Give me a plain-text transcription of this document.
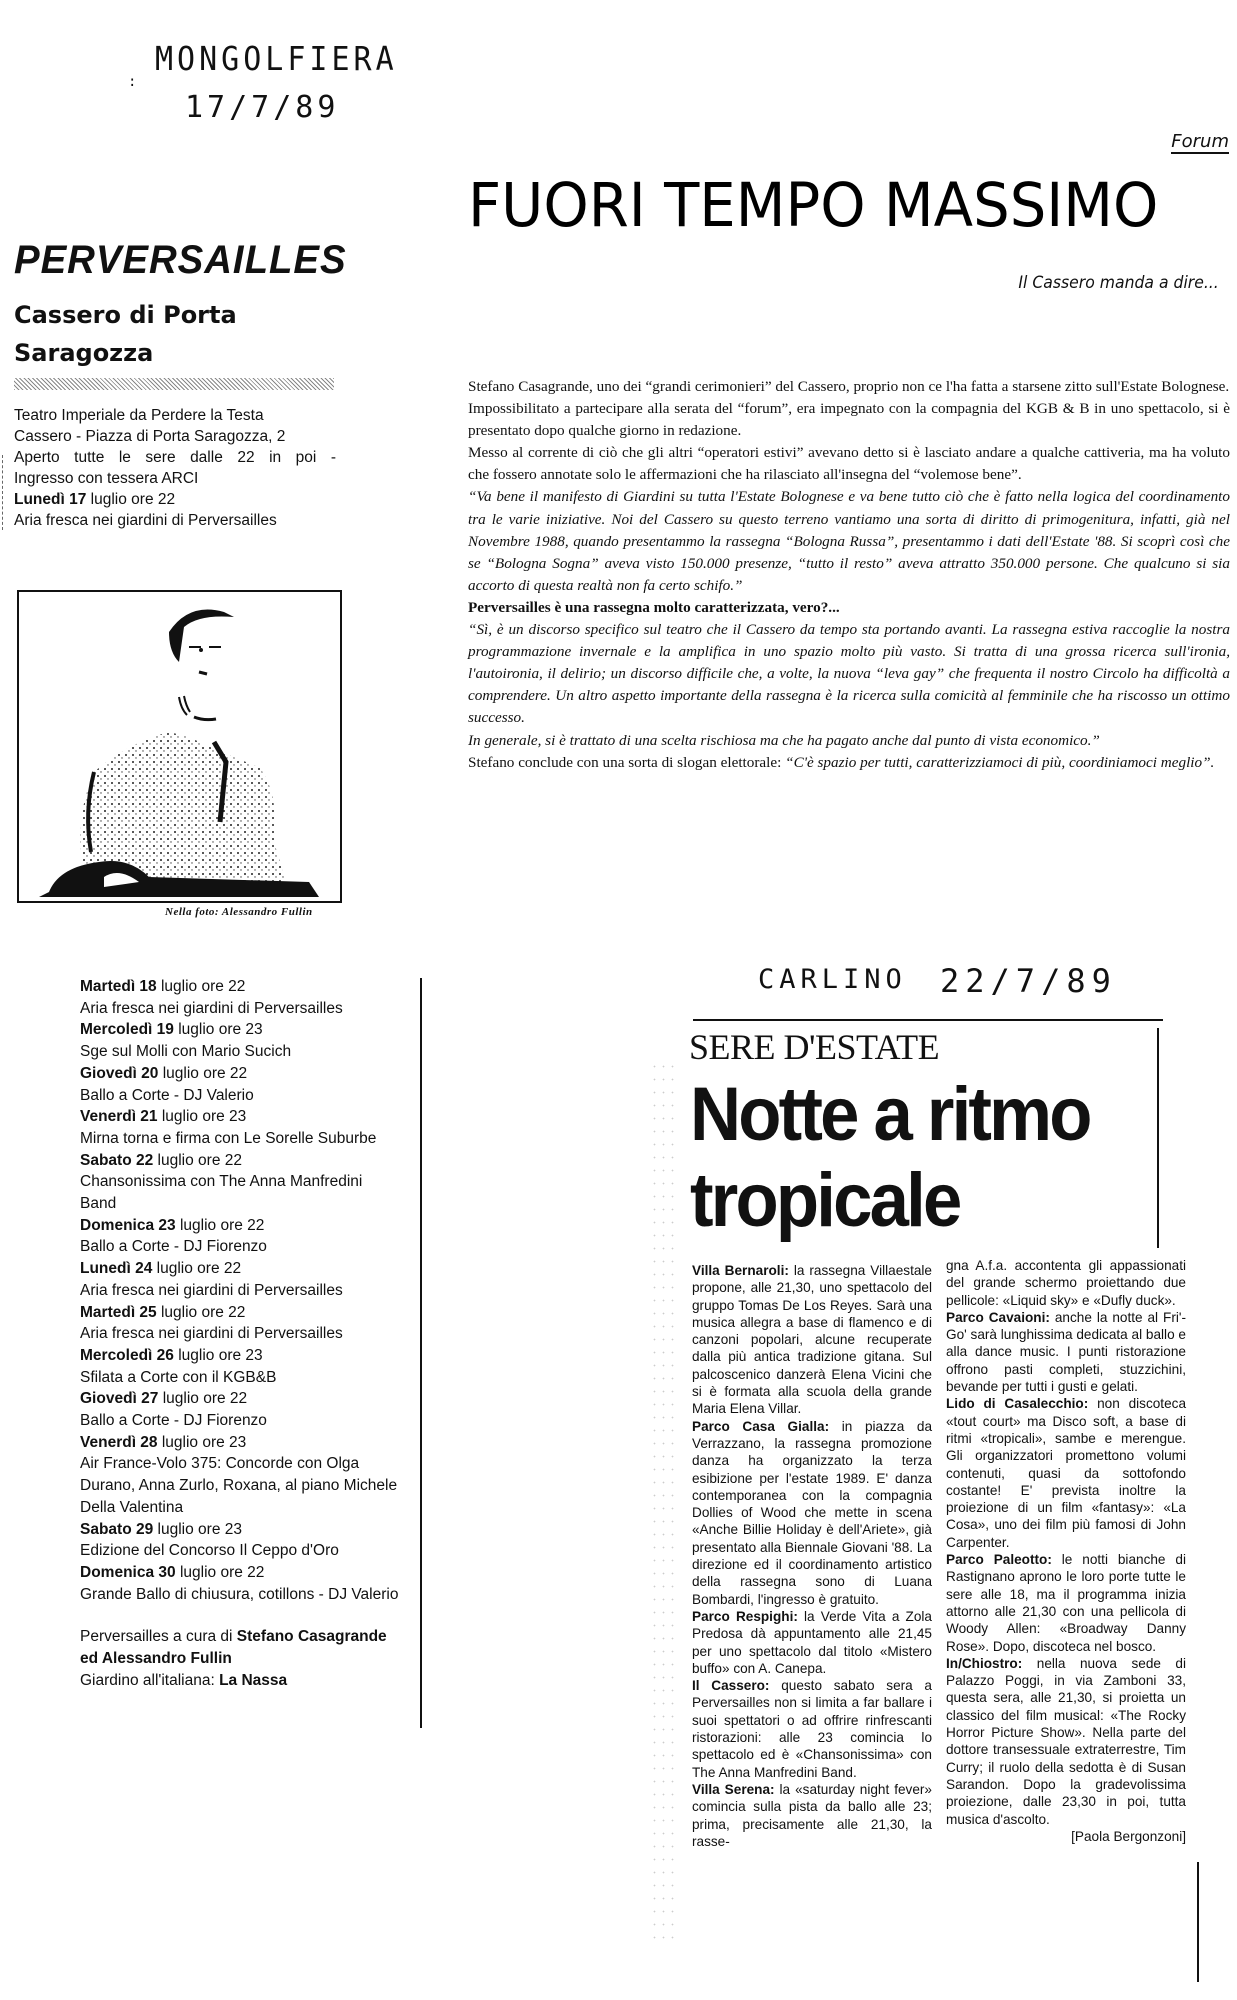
:
MONGOLFIERA
17/7/89
PERVERSAILLES
Cassero di Porta
Saragozza
Teatro Imperiale da Perdere la Testa
Cassero - Piazza di Porta Saragozza, 2
Aperto tutte le sere dalle 22 in poi -
Ingresso con tessera ARCI
Lunedì 17 luglio ore 22
Aria fresca nei giardini di Perversailles
Nella foto: Alessandro Fullin
Forum
FUORI TEMPO MASSIMO
Il Cassero manda a dire...

Stefano Casagrande, uno dei “grandi cerimonieri” del Cassero, proprio non ce l'ha fatta a starsene zitto sull'Estate Bolognese.

Impossibilitato a partecipare alla serata del “forum”, era impegnato con la compagnia del KGB & B in uno spettacolo, si è presentato dopo qualche giorno in redazione.

Messo al corrente di ciò che gli altri “operatori estivi” avevano detto si è lasciato andare a qualche cattiveria, ma ha voluto che fossero annotate solo le affermazioni che ha rilasciato all'insegna del “volemose bene”.

“Va bene il manifesto di Giardini su tutta l'Estate Bolognese e va bene tutto ciò che è fatto nella logica del coordinamento tra le varie iniziative. Noi del Cassero su questo terreno vantiamo una sorta di diritto di primogenitura, infatti, già nel Novembre 1988, quando presentammo la rassegna “Bologna Russa”, presentammo i dati dell'Estate '88. Si scoprì così che se “Bologna Sogna” aveva visto 150.000 presenze, “tutto il resto” aveva attratto 350.000 persone. Che qualcuno si sia accorto di questa realtà non fa certo schifo.”

Perversailles è una rassegna molto caratterizzata, vero?...

“Sì, è un discorso specifico sul teatro che il Cassero da tempo sta portando avanti. La rassegna estiva raccoglie la nostra programmazione invernale e la amplifica in uno spazio molto più vasto. Si tratta di una grossa ricerca sull'ironia, l'autoironia, il delirio; un discorso difficile che, a volte, la nuova “leva gay” che frequenta il nostro Circolo ha difficoltà a comprendere. Un altro aspetto importante della rassegna è la ricerca sulla comicità al femminile che ha riscosso un ottimo successo.

In generale, si è trattato di una scelta rischiosa ma che ha pagato anche dal punto di vista economico.”

Stefano conclude con una sorta di slogan elettorale: “C'è spazio per tutti, caratterizziamoci di più, coordiniamoci meglio”.

Martedì 18 luglio ore 22
Aria fresca nei giardini di Perversailles
Mercoledì 19 luglio ore 23
Sge sul Molli con Mario Sucich
Giovedì 20 luglio ore 22
Ballo a Corte - DJ Valerio
Venerdì 21 luglio ore 23
Mirna torna e firma con Le Sorelle Suburbe
Sabato 22 luglio ore 22
Chansonissima con The Anna Manfredini Band
Domenica 23 luglio ore 22
Ballo a Corte - DJ Fiorenzo
Lunedì 24 luglio ore 22
Aria fresca nei giardini di Perversailles
Martedì 25 luglio ore 22
Aria fresca nei giardini di Perversailles
Mercoledì 26 luglio ore 23
Sfilata a Corte con il KGB&B
Giovedì 27 luglio ore 22
Ballo a Corte - DJ Fiorenzo
Venerdì 28 luglio ore 23
Air France-Volo 375: Concorde con Olga Durano, Anna Zurlo, Roxana, al piano Michele Della Valentina
Sabato 29 luglio ore 23
Edizione del Concorso Il Ceppo d'Oro
Domenica 30 luglio ore 22
Grande Ballo di chiusura, cotillons - DJ Valerio
Perversailles a cura di Stefano Casagrande ed Alessandro Fullin
Giardino all'italiana: La Nassa
CARLINO 22/7/89
SERE D'ESTATE
Notte a ritmo
tropicale

Villa Bernaroli: la rassegna Villaestale propone, alle 21,30, uno spettacolo del gruppo Tomas De Los Reyes. Sarà una musica allegra a base di flamenco e di canzoni popolari, alcune recuperate dalla più antica tradizione gitana. Sul palcoscenico danzerà Elena Vicini che si è formata alla scuola della grande Maria Elena Villar.

Parco Casa Gialla: in piazza da Verrazzano, la rassegna promozione danza ha organizzato la terza esibizione per l'estate 1989. E' danza contemporanea con la compagnia Dollies of Wood che mette in scena «Anche Billie Holiday è dell'Ariete», già presentato alla Biennale Giovani '88. La direzione ed il coordinamento artistico della rassegna sono di Luana Bombardi, l'ingresso è gratuito.

Parco Respighi: la Verde Vita a Zola Predosa dà appuntamento alle 21,45 per uno spettacolo dal titolo «Mistero buffo» con A. Canepa.

Il Cassero: questo sabato sera a Perversailles non si limita a far ballare i suoi spettatori o ad offrire rinfrescanti ristorazioni: alle 23 comincia lo spettacolo ed è «Chansonissima» con The Anna Manfredini Band.

Villa Serena: la «saturday night fever» comincia sulla pista da ballo alle 23; prima, precisamente alle 21,30, la rasse-

gna A.f.a. accontenta gli appassionati del grande schermo proiettando due pellicole: «Liquid sky» e «Dufly duck».

Parco Cavaioni: anche la notte al Fri'-Go' sarà lunghissima dedicata al ballo e alla dance music. I punti ristorazione offrono pasti completi, stuzzichini, bevande per tutti i gusti e gelati.

Lido di Casalecchio: non discoteca «tout court» ma Disco soft, a base di ritmi «tropicali», sambe e merengue. Gli organizzatori promettono volumi contenuti, quasi da sottofondo costante! E' prevista inoltre la proiezione di un film «fantasy»: «La Cosa», uno dei film più famosi di John Carpenter.

Parco Paleotto: le notti bianche di Rastignano aprono le loro porte tutte le sere alle 18, ma il programma inizia attorno alle 21,30 con una pellicola di Woody Allen: «Broadway Danny Rose». Dopo, discoteca nel bosco.

In/Chiostro: nella nuova sede di Palazzo Poggi, in via Zamboni 33, questa sera, alle 21,30, si proietta un classico del film musical: «The Rocky Horror Picture Show». Nella parte del dottore transessuale extraterrestre, Tim Curry; il ruolo della sedotta è di Susan Sarandon. Dopo la gradevolissima proiezione, dalle 23,30 in poi, tutta musica d'ascolto.

[Paola Bergonzoni]
